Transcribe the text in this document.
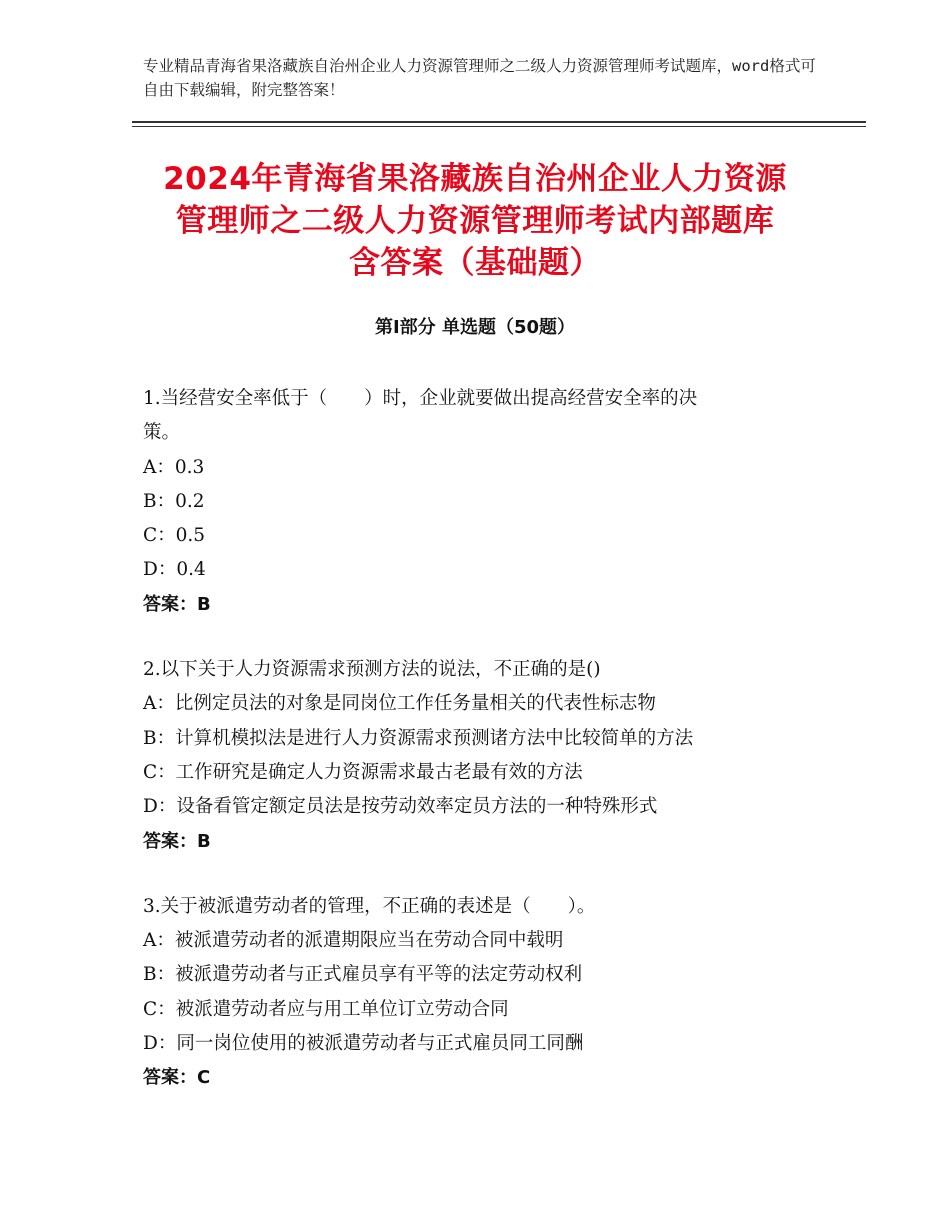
专业精品青海省果洛藏族自治州企业人力资源管理师之二级人力资源管理师考试题库，word格式可自由下载编辑，附完整答案！
2024年青海省果洛藏族自治州企业人力资源
管理师之二级人力资源管理师考试内部题库
含答案（基础题）
第Ⅰ部分 单选题（50题）
1.当经营安全率低于（　　）时，企业就要做出提高经营安全率的决
策。
A：0.3
B：0.2
C：0.5
D：0.4
答案：B
2.以下关于人力资源需求预测方法的说法，不正确的是()
A：比例定员法的对象是同岗位工作任务量相关的代表性标志物
B：计算机模拟法是进行人力资源需求预测诸方法中比较简单的方法
C：工作研究是确定人力资源需求最古老最有效的方法
D：设备看管定额定员法是按劳动效率定员方法的一种特殊形式
答案：B
3.关于被派遣劳动者的管理，不正确的表述是（　　）。
A：被派遣劳动者的派遣期限应当在劳动合同中载明
B：被派遣劳动者与正式雇员享有平等的法定劳动权利
C：被派遣劳动者应与用工单位订立劳动合同
D：同一岗位使用的被派遣劳动者与正式雇员同工同酬
答案：C
